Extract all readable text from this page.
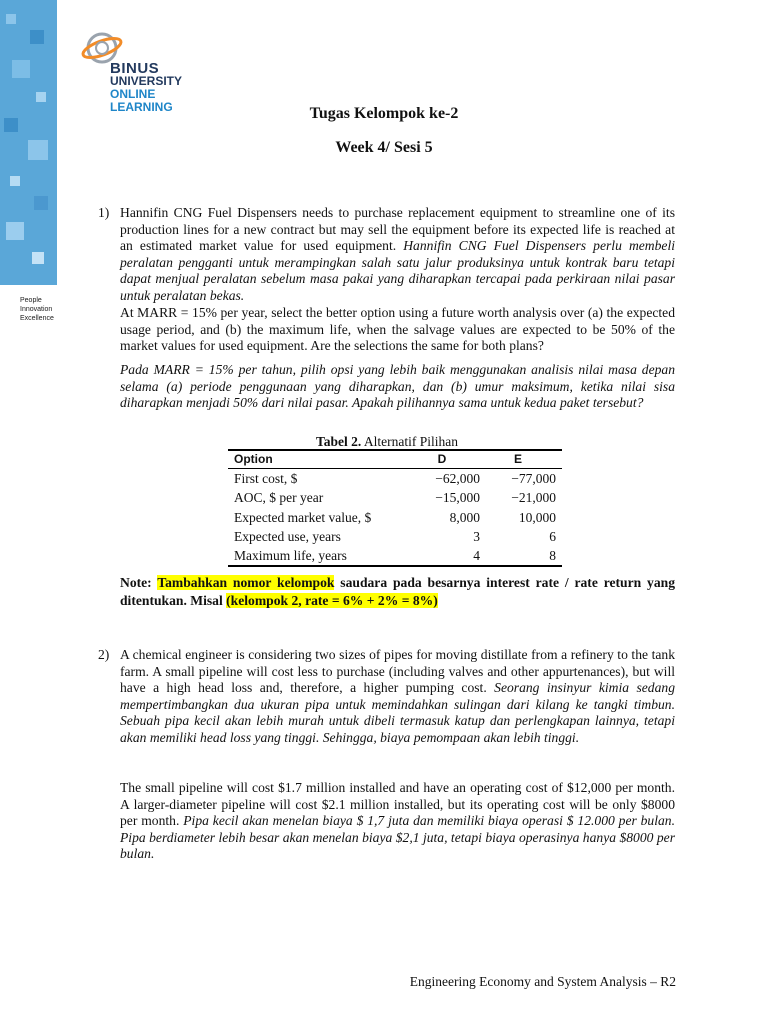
People
Innovation
Excellence
BINUS
UNIVERSITY
ONLINE
LEARNING	Tugas Kelompok ke-2
Week 4/ Sesi 5
1) Hannifin CNG Fuel Dispensers needs to purchase replacement equipment to streamline one of its production lines for a new contract but may sell the equipment before its expected life is reached at an estimated market value for used equipment. Hannifin CNG Fuel Dispensers perlu membeli peralatan pengganti untuk merampingkan salah satu jalur produksinya untuk kontrak baru tetapi dapat menjual peralatan sebelum masa pakai yang diharapkan tercapai pada perkiraan nilai pasar untuk peralatan bekas.
At MARR = 15% per year, select the better option using a future worth analysis over (a) the expected usage period, and (b) the maximum life, when the salvage values are expected to be 50% of the market values for used equipment. Are the selections the same for both plans?
Pada MARR = 15% per tahun, pilih opsi yang lebih baik menggunakan analisis nilai masa depan selama (a) periode penggunaan yang diharapkan, dan (b) umur maksimum, ketika nilai sisa diharapkan menjadi 50% dari nilai pasar. Apakah pilihannya sama untuk kedua paket tersebut?
Tabel 2. Alternatif Pilihan
Option	D	E
First cost, $	−62,000	−77,000
AOC, $ per year	−15,000	−21,000
Expected market value, $	8,000	10,000
Expected use, years	3	6
Maximum life, years	4	8
Note: Tambahkan nomor kelompok saudara pada besarnya interest rate / rate return yang ditentukan. Misal (kelompok 2, rate = 6% + 2% = 8%)
2) A chemical engineer is considering two sizes of pipes for moving distillate from a refinery to the tank farm. A small pipeline will cost less to purchase (including valves and other appurtenances), but will have a high head loss and, therefore, a higher pumping cost. Seorang insinyur kimia sedang mempertimbangkan dua ukuran pipa untuk memindahkan sulingan dari kilang ke tangki timbun. Sebuah pipa kecil akan lebih murah untuk dibeli termasuk katup dan perlengkapan lainnya, tetapi akan memiliki head loss yang tinggi. Sehingga, biaya pemompaan akan lebih tinggi.
The small pipeline will cost $1.7 million installed and have an operating cost of $12,000 per month. A larger-diameter pipeline will cost $2.1 million installed, but its operating cost will be only $8000 per month. Pipa kecil akan menelan biaya $ 1,7 juta dan memiliki biaya operasi $ 12.000 per bulan. Pipa berdiameter lebih besar akan menelan biaya $2,1 juta, tetapi biaya operasinya hanya $8000 per bulan.
Engineering Economy and System Analysis – R2
